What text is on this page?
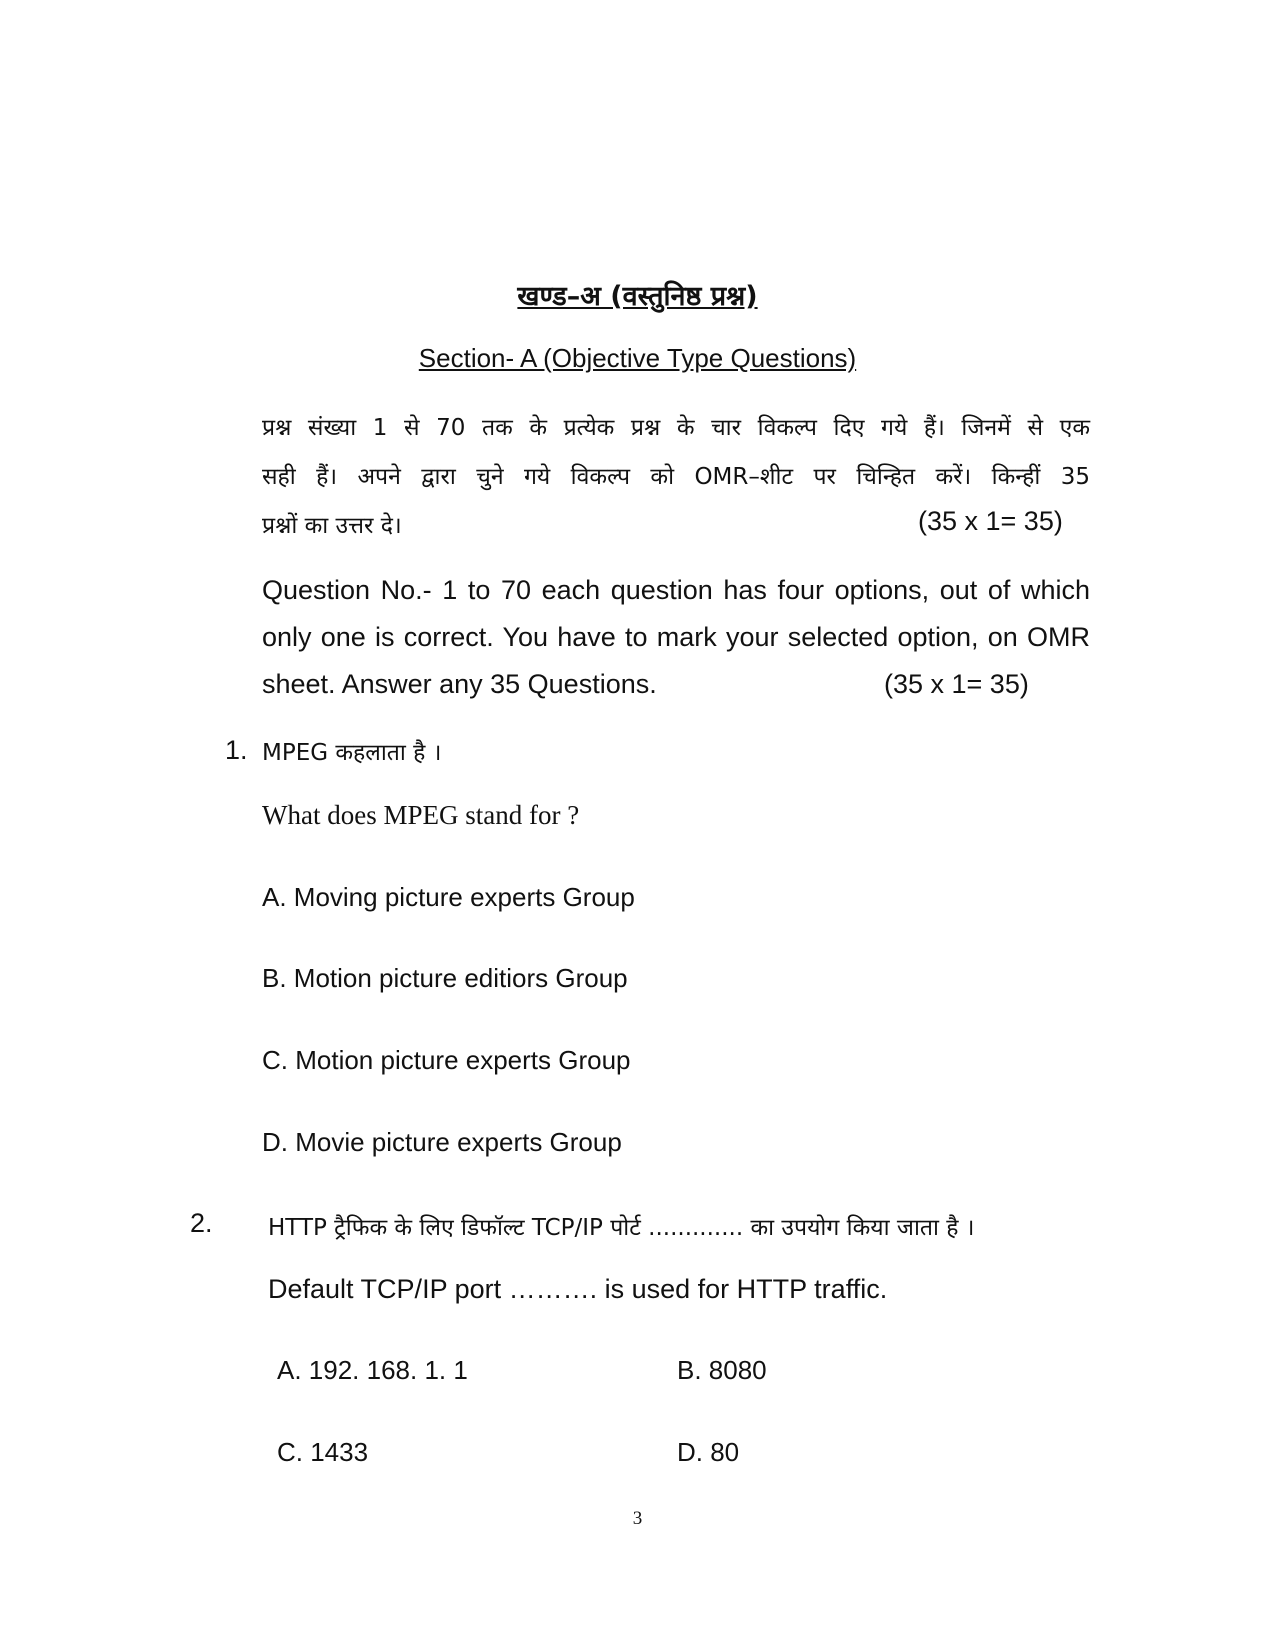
खण्ड–अ (वस्तुनिष्ठ प्रश्न)
Section- A (Objective Type Questions)
प्रश्न संख्या 1 से 70 तक के प्रत्येक प्रश्न के चार विकल्प दिए गये हैं। जिनमें से एक
सही हैं। अपने द्वारा चुने गये विकल्प को OMR–शीट पर चिन्हित करें। किन्हीं 35
प्रश्नों का उत्तर दे।	(35 x 1= 35)
Question No.- 1 to 70 each question has four options, out of which
only one is correct. You have to mark your selected option, on OMR
sheet. Answer any 35 Questions.	(35 x 1= 35)
1. MPEG कहलाता है ।
What does MPEG stand for ?
A. Moving picture experts Group
B. Motion picture editiors Group
C. Motion picture experts Group
D. Movie picture experts Group
2. HTTP ट्रैफिक के लिए डिफॉल्ट TCP/IP पोर्ट ............. का उपयोग किया जाता है ।
Default TCP/IP port ………. is used for HTTP traffic.
A. 192. 168. 1. 1	B. 8080
C. 1433	D. 80
3
